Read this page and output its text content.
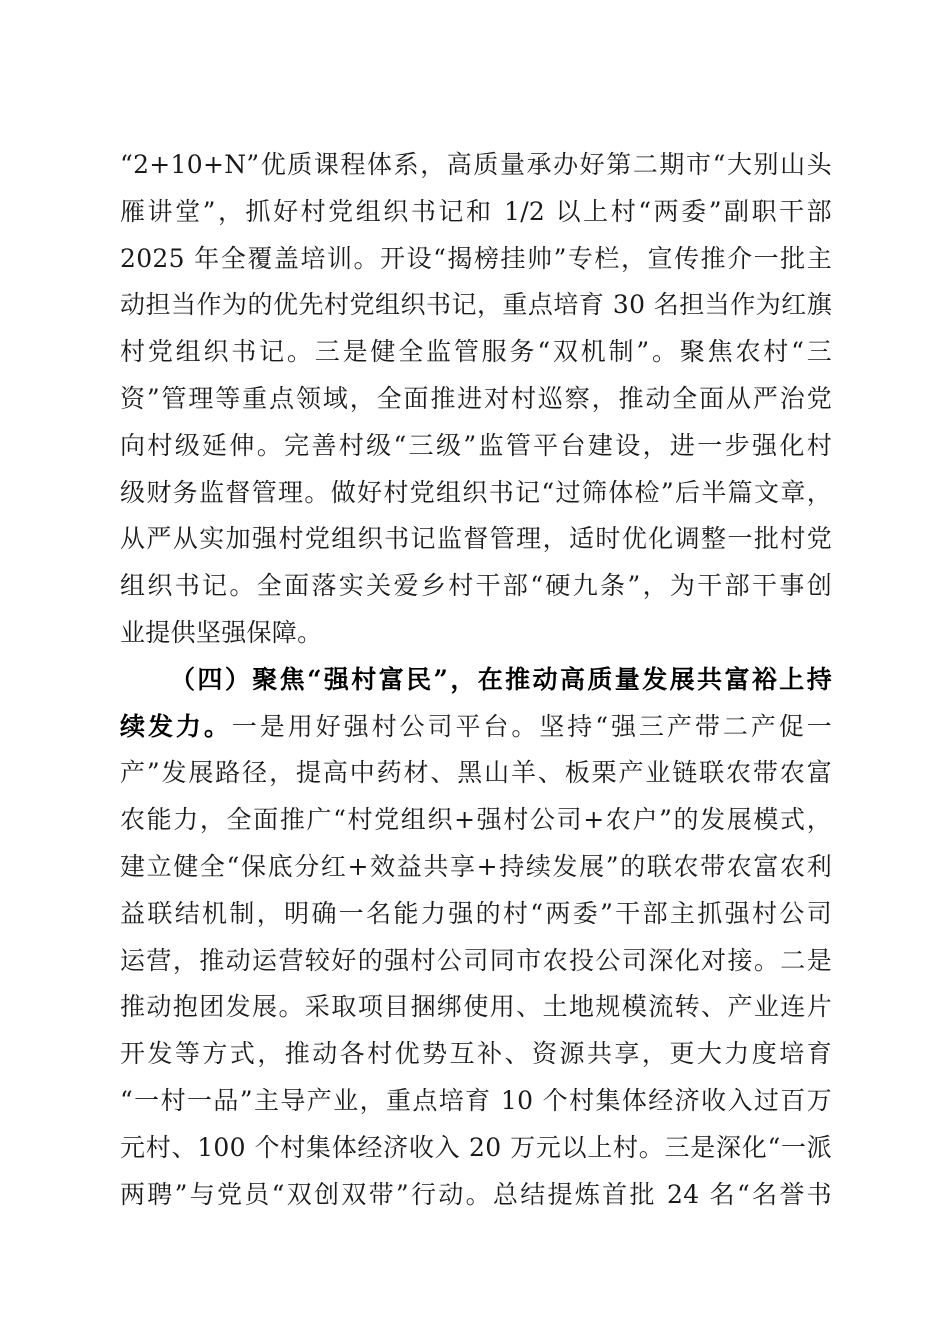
“2+10+N”优质课程体系，高质量承办好第二期市“大别山头
雁讲堂”，抓好村党组织书记和 1/2 以上村“两委”副职干部
2025 年全覆盖培训。开设“揭榜挂帅”专栏，宣传推介一批主
动担当作为的优先村党组织书记，重点培育 30 名担当作为红旗
村党组织书记。三是健全监管服务“双机制”。聚焦农村“三
资”管理等重点领域，全面推进对村巡察，推动全面从严治党
向村级延伸。完善村级“三级”监管平台建设，进一步强化村
级财务监督管理。做好村党组织书记“过筛体检”后半篇文章，
从严从实加强村党组织书记监督管理，适时优化调整一批村党
组织书记。全面落实关爱乡村干部“硬九条”，为干部干事创
业提供坚强保障。
（四）聚焦“强村富民”，在推动高质量发展共富裕上持
续发力。一是用好强村公司平台。坚持“强三产带二产促一
产”发展路径，提高中药材、黑山羊、板栗产业链联农带农富
农能力，全面推广“村党组织+强村公司+农户”的发展模式，
建立健全“保底分红+效益共享+持续发展”的联农带农富农利
益联结机制，明确一名能力强的村“两委”干部主抓强村公司
运营，推动运营较好的强村公司同市农投公司深化对接。二是
推动抱团发展。采取项目捆绑使用、土地规模流转、产业连片
开发等方式，推动各村优势互补、资源共享，更大力度培育
“一村一品”主导产业，重点培育 10 个村集体经济收入过百万
元村、100 个村集体经济收入 20 万元以上村。三是深化“一派
两聘”与党员“双创双带”行动。总结提炼首批 24 名“名誉书
